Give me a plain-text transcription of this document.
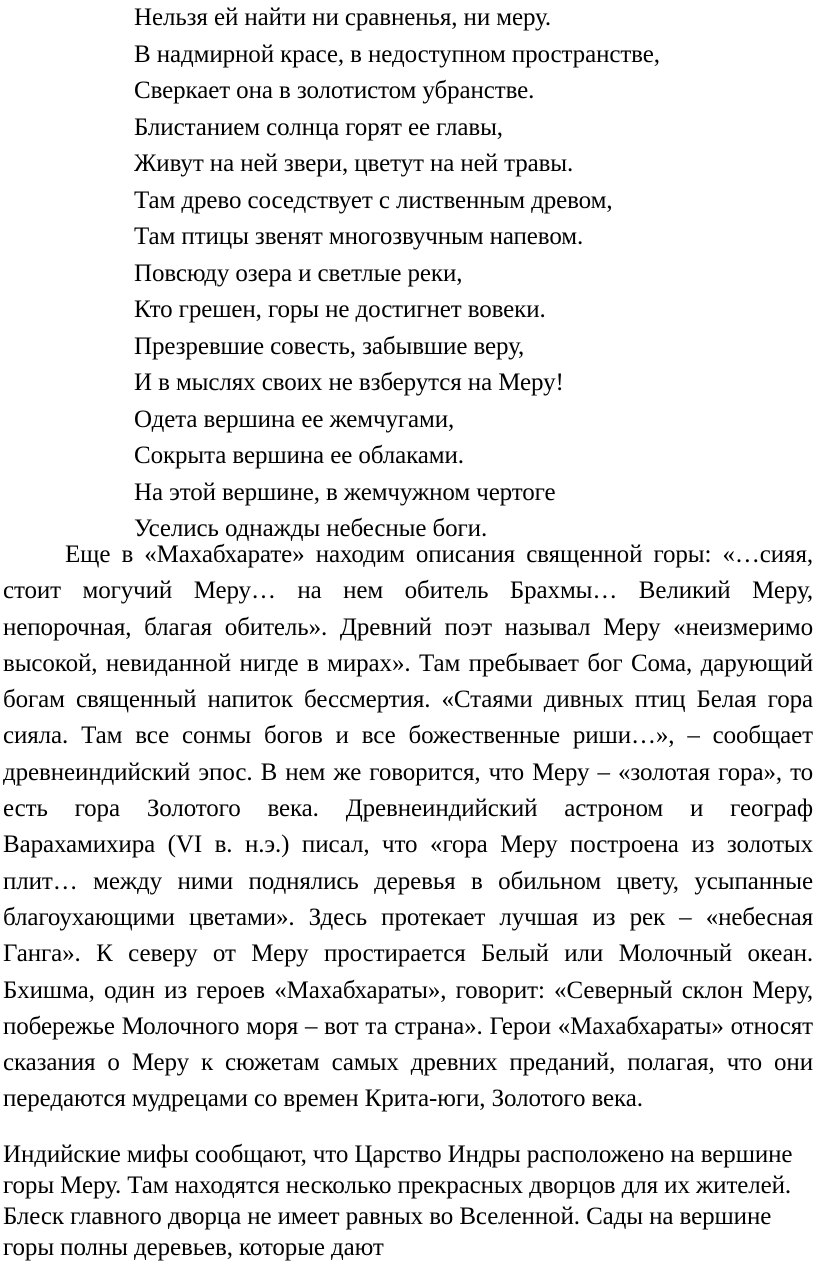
Нельзя ей найти ни сравненья, ни меру.
В надмирной красе, в недоступном пространстве,
Сверкает она в золотистом убранстве.
Блистанием солнца горят ее главы,
Живут на ней звери, цветут на ней травы.
Там древо соседствует с лиственным древом,
Там птицы звенят многозвучным напевом.
Повсюду озера и светлые реки,
Кто грешен, горы не достигнет вовеки.
Презревшие совесть, забывшие веру,
И в мыслях своих не взберутся на Меру!
Одета вершина ее жемчугами,
Сокрыта вершина ее облаками.
На этой вершине, в жемчужном чертоге
Уселись однажды небесные боги.

Еще в «Махабхарате» находим описания священной горы: «…сияя, стоит могучий Меру… на нем обитель Брахмы… Великий Меру, непорочная, благая обитель». Древний поэт называл Меру «неизмеримо высокой, невиданной нигде в мирах». Там пребывает бог Сома, дарующий богам священный напиток бессмертия. «Стаями дивных птиц Белая гора сияла. Там все сонмы богов и все божественные риши…», – сообщает древнеиндийский эпос. В нем же говорится, что Меру – «золотая гора», то есть гора Золотого века. Древнеиндийский астроном и географ Варахамихира (VI в. н.э.) писал, что «гора Меру построена из золотых плит… между ними поднялись деревья в обильном цвету, усыпанные благоухающими цветами». Здесь протекает лучшая из рек – «небесная Ганга». К северу от Меру простирается Белый или Молочный океан. Бхишма, один из героев «Махабхараты», говорит: «Северный склон Меру, побережье Молочного моря – вот та страна». Герои «Махабхараты» относят сказания о Меру к сюжетам самых древних преданий, полагая, что они передаются мудрецами со времен Крита-юги, Золотого века.

Индийские мифы сообщают, что Царство Индры расположено на вершине горы Меру. Там находятся несколько прекрасных дворцов для их жителей. Блеск главного дворца не имеет равных во Вселенной. Сады на вершине горы полны деревьев, которые дают
